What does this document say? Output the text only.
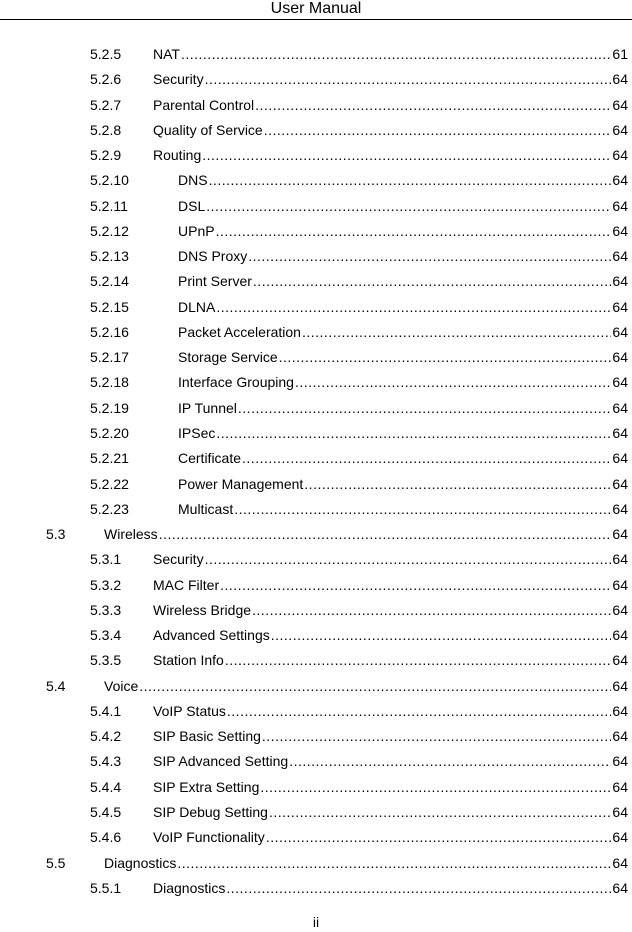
User Manual
5.2.5 NAT .....	61
5.2.6 Security .....	64
5.2.7 Parental Control .....	64
5.2.8 Quality of Service .....	64
5.2.9 Routing .....	64
5.2.10	DNS .....	64
5.2.11	DSL .....	64
5.2.12	UPnP .....	64
5.2.13	DNS Proxy .....	64
5.2.14	Print Server .....	64
5.2.15	DLNA .....	64
5.2.16	Packet Acceleration .....	64
5.2.17	Storage Service .....	64
5.2.18	Interface Grouping .....	64
5.2.19	IP Tunnel .....	64
5.2.20	IPSec .....	64
5.2.21	Certificate .....	64
5.2.22	Power Management .....	64
5.2.23	Multicast .....	64
5.3	Wireless .....	64
5.3.1 Security .....	64
5.3.2 MAC Filter .....	64
5.3.3 Wireless Bridge .....	64
5.3.4 Advanced Settings .....	64
5.3.5 Station Info .....	64
5.4	Voice .....	64
5.4.1 VoIP Status .....	64
5.4.2 SIP Basic Setting .....	64
5.4.3 SIP Advanced Setting .....	64
5.4.4 SIP Extra Setting .....	64
5.4.5 SIP Debug Setting .....	64
5.4.6 VoIP Functionality .....	64
5.5	Diagnostics .....	64
5.5.1 Diagnostics .....	64
ii
